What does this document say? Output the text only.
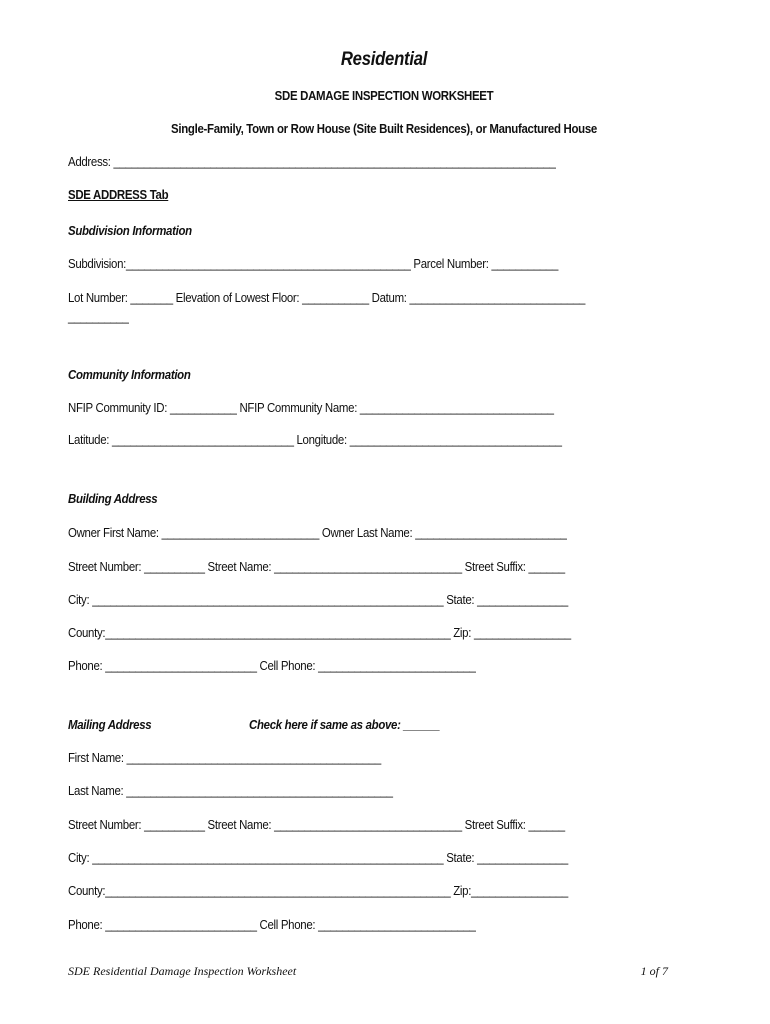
Residential
SDE DAMAGE INSPECTION WORKSHEET
Single-Family, Town or Row House (Site Built Residences), or Manufactured House
Address: _________________________________________________________________________
SDE ADDRESS Tab
Subdivision Information
Subdivision:_______________________________________________ Parcel Number: ___________
Lot Number: _______ Elevation of Lowest Floor: ___________ Datum: _____________________________
__________
Community Information
NFIP Community ID: ___________ NFIP Community Name: ________________________________
Latitude: ______________________________ Longitude: ___________________________________
Building Address
Owner First Name: __________________________ Owner Last Name: _________________________
Street Number: __________ Street Name: _______________________________ Street Suffix: ______
City: __________________________________________________________ State: _______________
County:_________________________________________________________ Zip: ________________
Phone: _________________________ Cell Phone: __________________________
Mailing Address	Check here if same as above: ______
First Name: __________________________________________
Last Name: ____________________________________________
Street Number: __________ Street Name: _______________________________ Street Suffix: ______
City: __________________________________________________________ State: _______________
County:_________________________________________________________ Zip:________________
Phone: _________________________ Cell Phone: __________________________
SDE Residential Damage Inspection Worksheet	1 of 7
